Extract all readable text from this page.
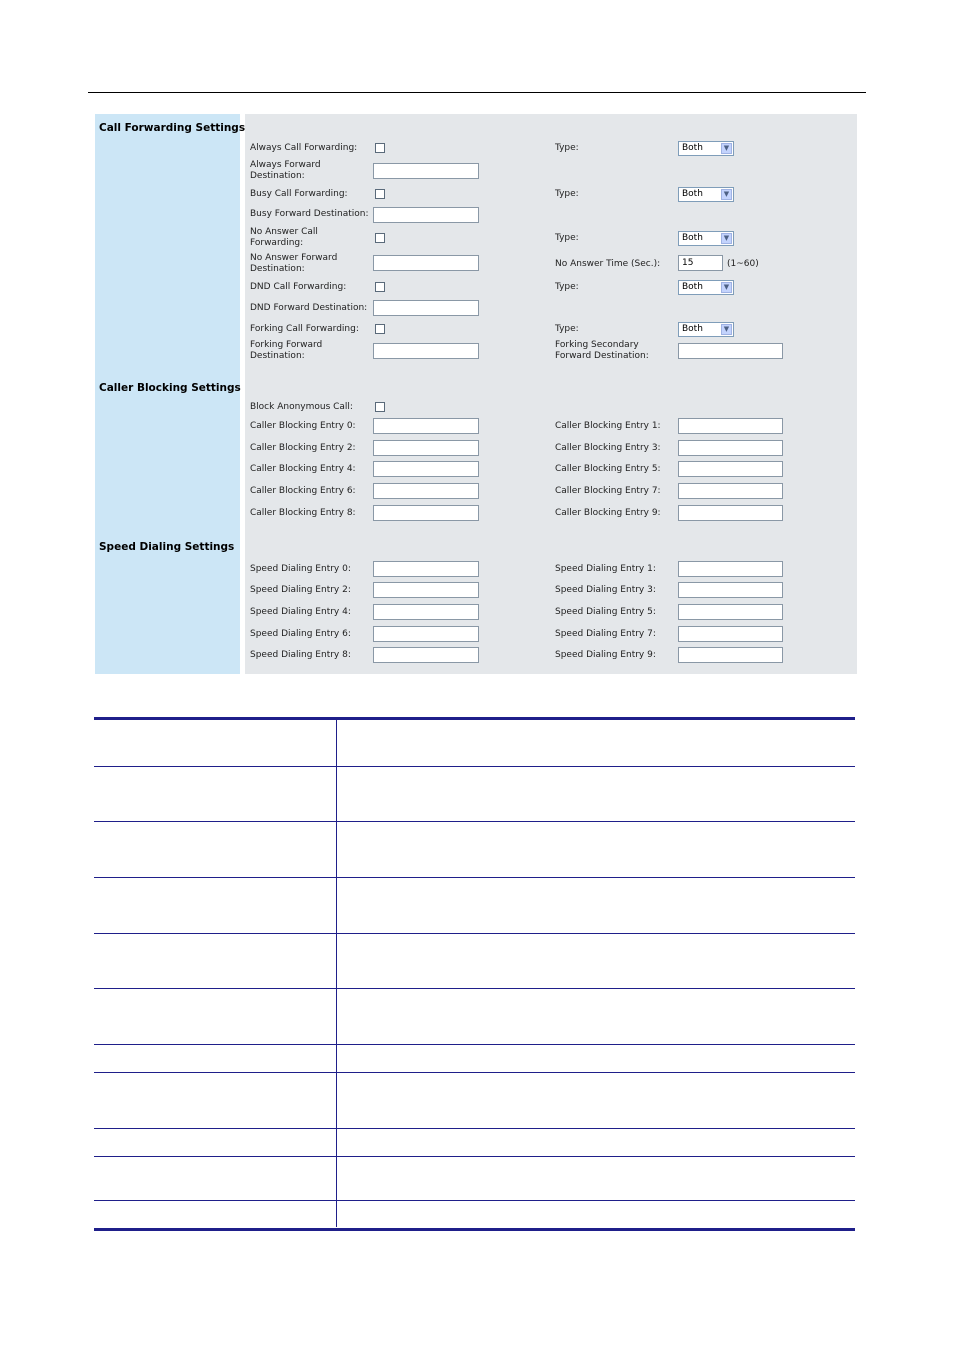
Call Forwarding Settings
Caller Blocking Settings
Speed Dialing Settings
Always Call Forwarding:	Type:	Both	▼
Always Forward Destination:
Busy Call Forwarding:	Type:	Both	▼
Busy Forward Destination:
No Answer Call Forwarding:	Type:	Both	▼
No Answer Forward Destination:	No Answer Time (Sec.):	15	(1~60)
DND Call Forwarding:	Type:	Both	▼
DND Forward Destination:
Forking Call Forwarding:	Type:	Both	▼
Forking Forward Destination:
Forking Secondary Forward Destination:
Block Anonymous Call:
Caller Blocking Entry 0:	Caller Blocking Entry 1:
Caller Blocking Entry 2:	Caller Blocking Entry 3:
Caller Blocking Entry 4:	Caller Blocking Entry 5:
Caller Blocking Entry 6:	Caller Blocking Entry 7:
Caller Blocking Entry 8:	Caller Blocking Entry 9:
Speed Dialing Entry 0:	Speed Dialing Entry 1:
Speed Dialing Entry 2:	Speed Dialing Entry 3:
Speed Dialing Entry 4:	Speed Dialing Entry 5:
Speed Dialing Entry 6:	Speed Dialing Entry 7:
Speed Dialing Entry 8:	Speed Dialing Entry 9:
